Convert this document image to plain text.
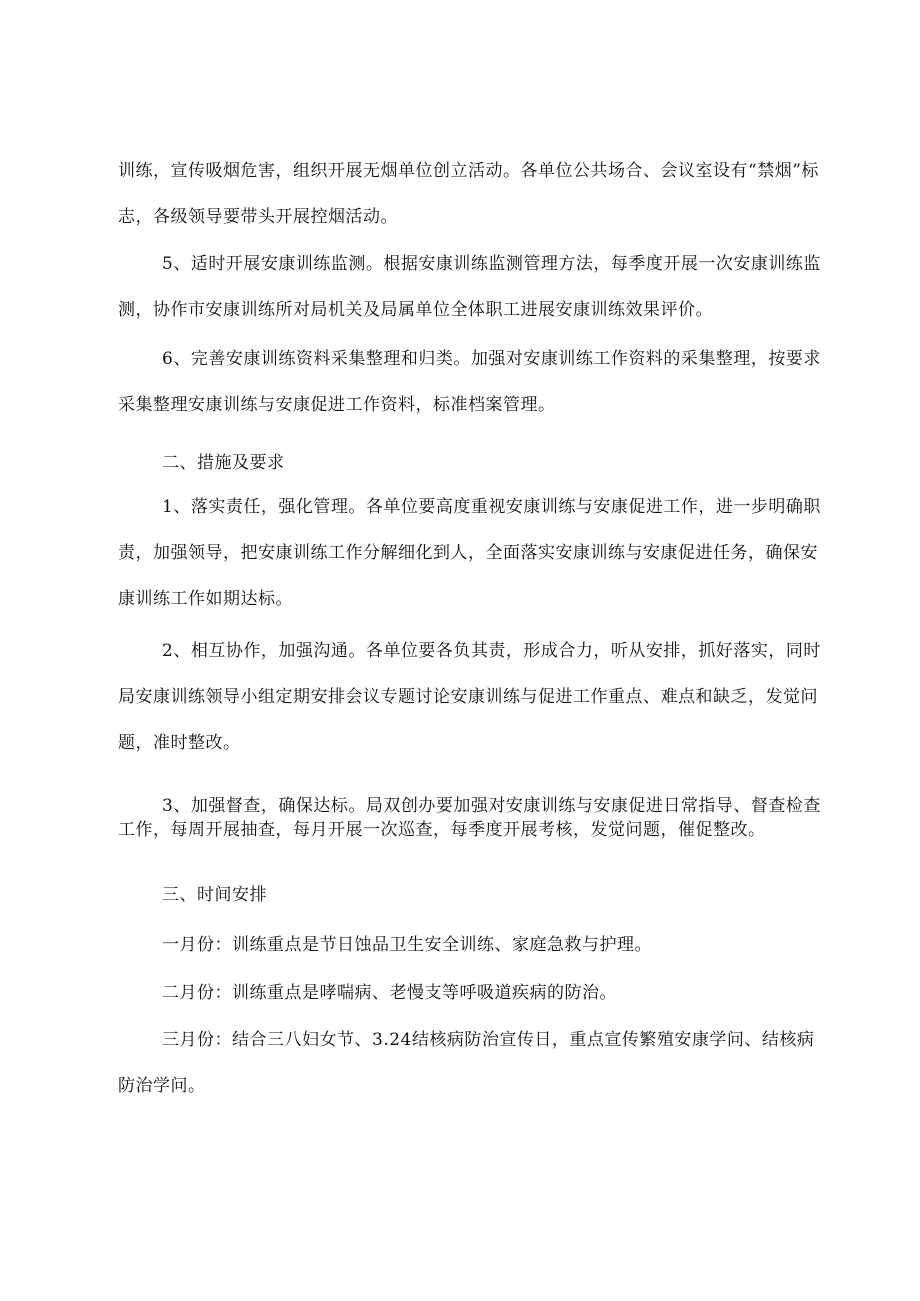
训练，宣传吸烟危害，组织开展无烟单位创立活动。各单位公共场合、会议室设有“禁烟”标志，各级领导要带头开展控烟活动。

5、适时开展安康训练监测。根据安康训练监测管理方法，每季度开展一次安康训练监测，协作市安康训练所对局机关及局属单位全体职工进展安康训练效果评价。

6、完善安康训练资料采集整理和归类。加强对安康训练工作资料的采集整理，按要求采集整理安康训练与安康促进工作资料，标准档案管理。

二、措施及要求

1、落实责任，强化管理。各单位要高度重视安康训练与安康促进工作，进一步明确职责，加强领导，把安康训练工作分解细化到人，全面落实安康训练与安康促进任务，确保安康训练工作如期达标。

2、相互协作，加强沟通。各单位要各负其责，形成合力，听从安排，抓好落实，同时局安康训练领导小组定期安排会议专题讨论安康训练与促进工作重点、难点和缺乏，发觉问题，准时整改。

3、加强督查，确保达标。局双创办要加强对安康训练与安康促进日常指导、督查检查工作，每周开展抽查，每月开展一次巡查，每季度开展考核，发觉问题，催促整改。

三、时间安排

一月份：训练重点是节日蚀品卫生安全训练、家庭急救与护理。

二月份：训练重点是哮喘病、老慢支等呼吸道疾病的防治。

三月份：结合三八妇女节、3.24结核病防治宣传日，重点宣传繁殖安康学问、结核病防治学问。
